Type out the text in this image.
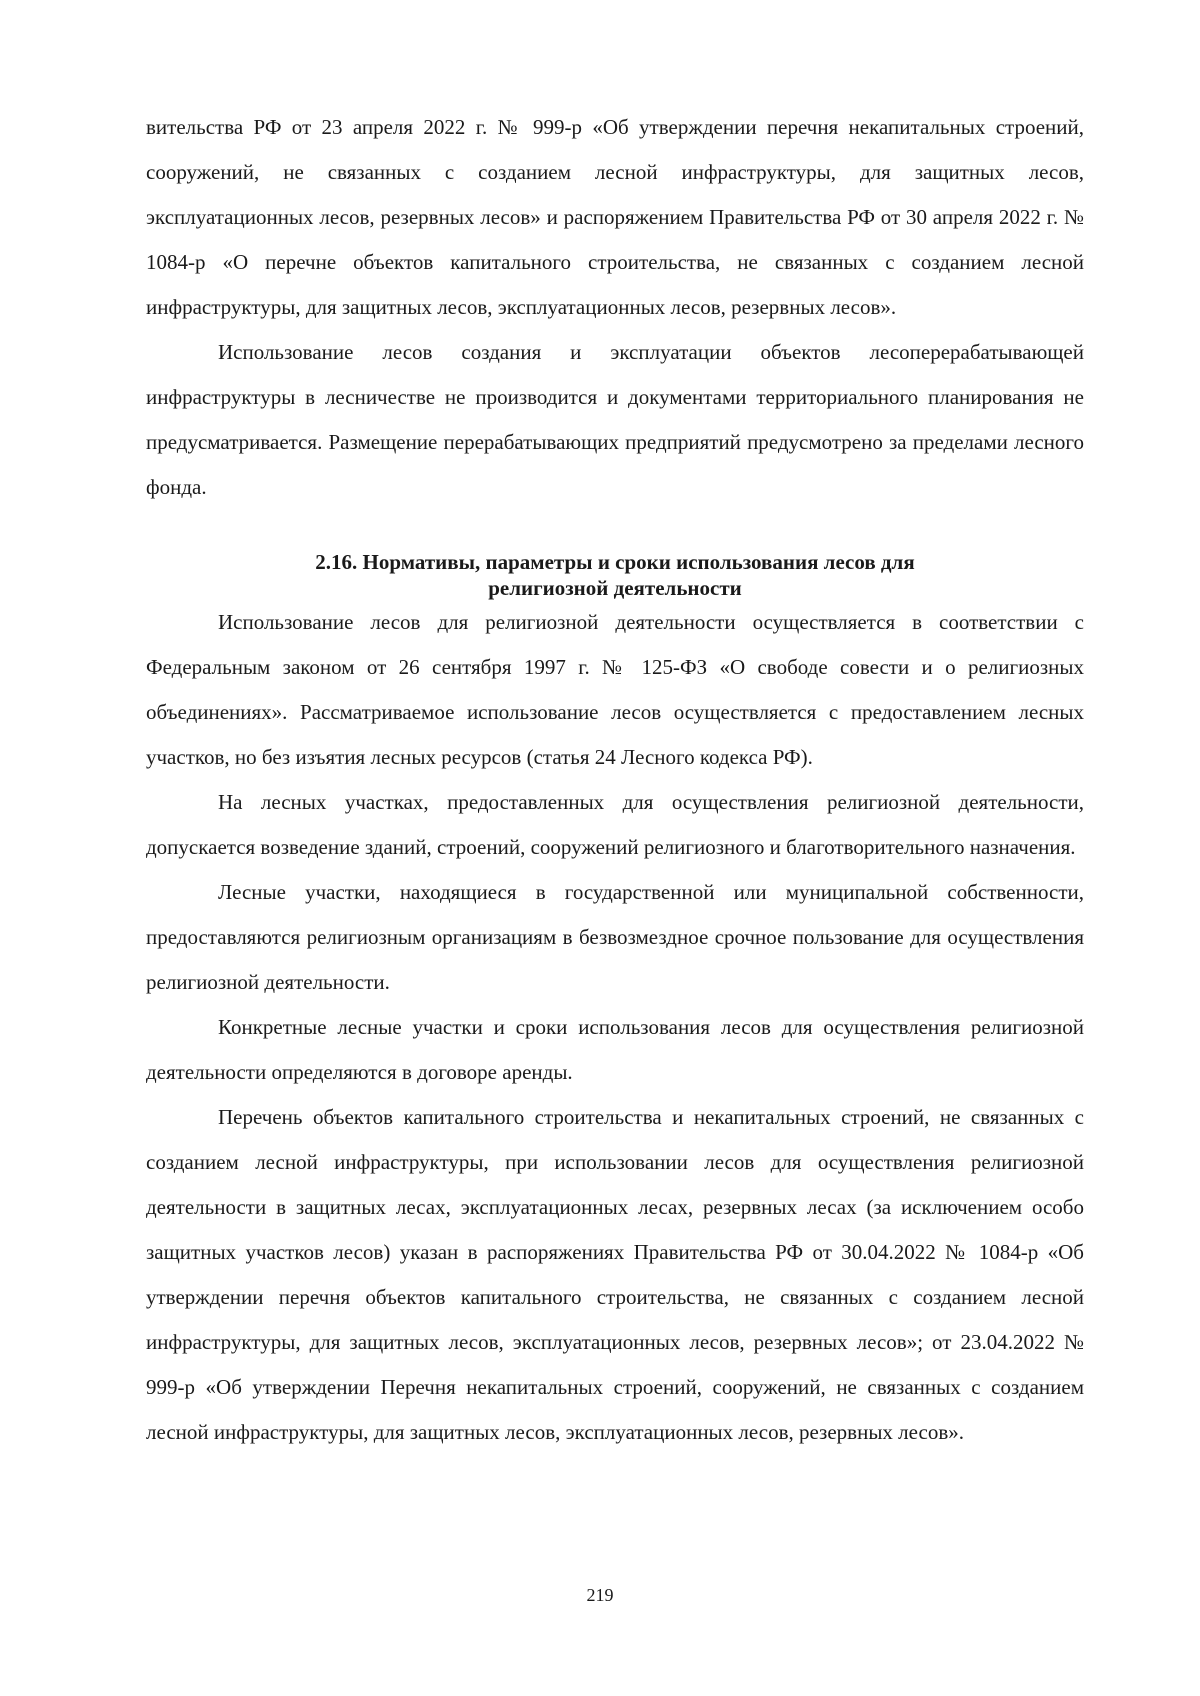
вительства РФ от 23 апреля 2022 г. № 999-р «Об утверждении перечня некапитальных строений, сооружений, не связанных с созданием лесной инфраструктуры, для защитных лесов, эксплуатационных лесов, резервных лесов» и распоряжением Правительства РФ от 30 апреля 2022 г. № 1084-р «О перечне объектов капитального строительства, не связанных с созданием лесной инфраструктуры, для защитных лесов, эксплуатационных лесов, резервных лесов».

Использование лесов создания и эксплуатации объектов лесоперерабатывающей инфраструктуры в лесничестве не производится и документами территориального планирования не предусматривается. Размещение перерабатывающих предприятий предусмотрено за пределами лесного фонда.

2.16. Нормативы, параметры и сроки использования лесов для
религиозной деятельности

Использование лесов для религиозной деятельности осуществляется в соответствии с Федеральным законом от 26 сентября 1997 г. № 125-ФЗ «О свободе совести и о религиозных объединениях». Рассматриваемое использование лесов осуществляется с предоставлением лесных участков, но без изъятия лесных ресурсов (статья 24 Лесного кодекса РФ).

На лесных участках, предоставленных для осуществления религиозной деятельности, допускается возведение зданий, строений, сооружений религиозного и благотворительного назначения.

Лесные участки, находящиеся в государственной или муниципальной собственности, предоставляются религиозным организациям в безвозмездное срочное пользование для осуществления религиозной деятельности.

Конкретные лесные участки и сроки использования лесов для осуществления религиозной деятельности определяются в договоре аренды.

Перечень объектов капитального строительства и некапитальных строений, не связанных с созданием лесной инфраструктуры, при использовании лесов для осуществления религиозной деятельности в защитных лесах, эксплуатационных лесах, резервных лесах (за исключением особо защитных участков лесов) указан в распоряжениях Правительства РФ от 30.04.2022 № 1084-р «Об утверждении перечня объектов капитального строительства, не связанных с созданием лесной инфраструктуры, для защитных лесов, эксплуатационных лесов, резервных лесов»; от 23.04.2022 № 999-р «Об утверждении Перечня некапитальных строений, сооружений, не связанных с созданием лесной инфраструктуры, для защитных лесов, эксплуатационных лесов, резервных лесов».

219
